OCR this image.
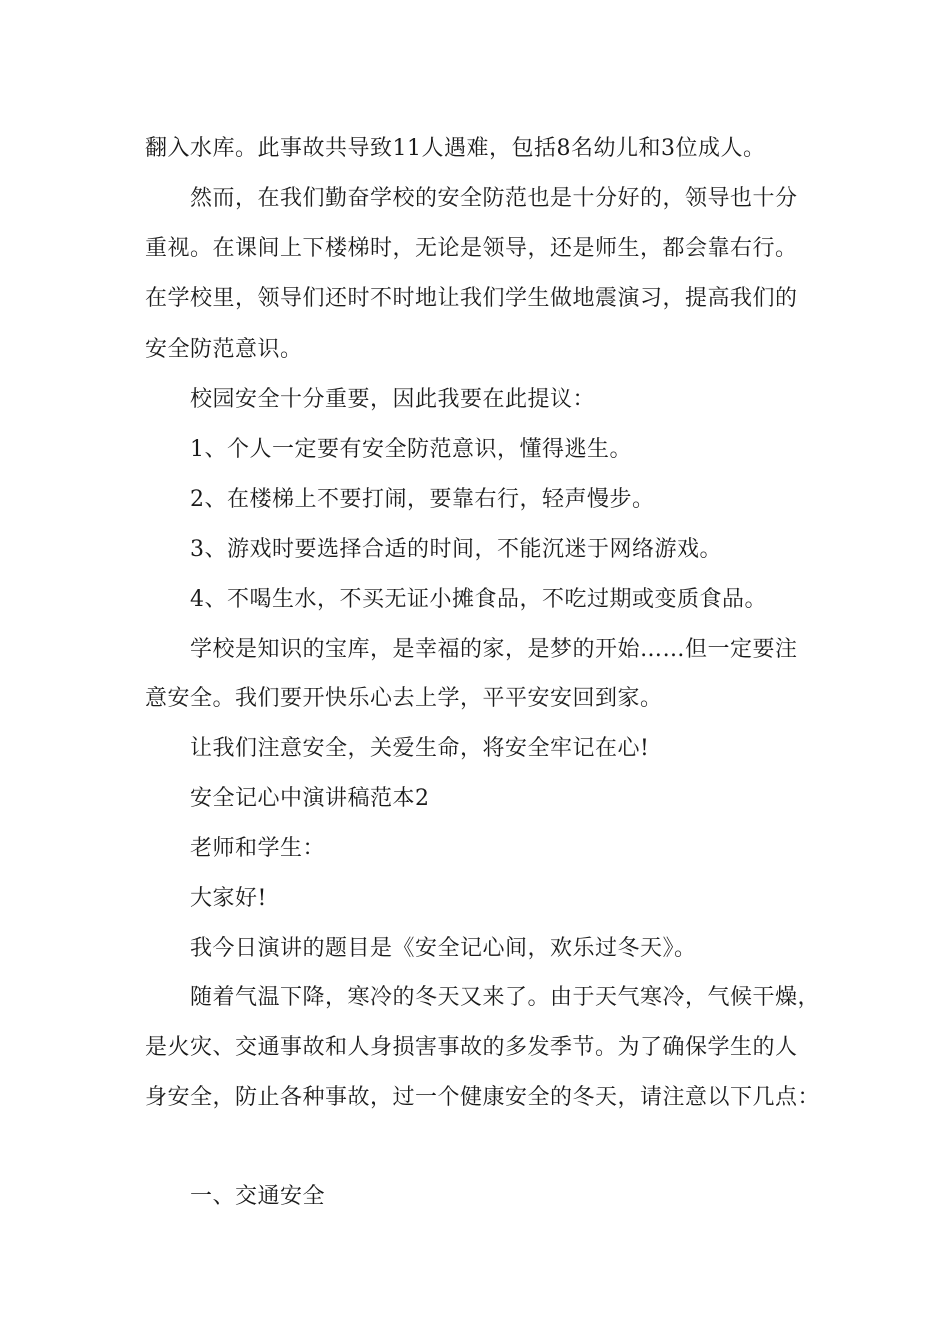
翻入水库。此事故共导致11人遇难，包括8名幼儿和3位成人。
然而，在我们勤奋学校的安全防范也是十分好的，领导也十分
重视。在课间上下楼梯时，无论是领导，还是师生，都会靠右行。
在学校里，领导们还时不时地让我们学生做地震演习，提高我们的
安全防范意识。
校园安全十分重要，因此我要在此提议：
1、个人一定要有安全防范意识，懂得逃生。
2、在楼梯上不要打闹，要靠右行，轻声慢步。
3、游戏时要选择合适的时间，不能沉迷于网络游戏。
4、不喝生水，不买无证小摊食品，不吃过期或变质食品。
学校是知识的宝库，是幸福的家，是梦的开始……但一定要注
意安全。我们要开快乐心去上学，平平安安回到家。
让我们注意安全，关爱生命，将安全牢记在心!
安全记心中演讲稿范本2
老师和学生：
大家好!
我今日演讲的题目是《安全记心间，欢乐过冬天》。
随着气温下降，寒冷的冬天又来了。由于天气寒冷，气候干燥，
是火灾、交通事故和人身损害事故的多发季节。为了确保学生的人
身安全，防止各种事故，过一个健康安全的冬天，请注意以下几点：
一、交通安全
